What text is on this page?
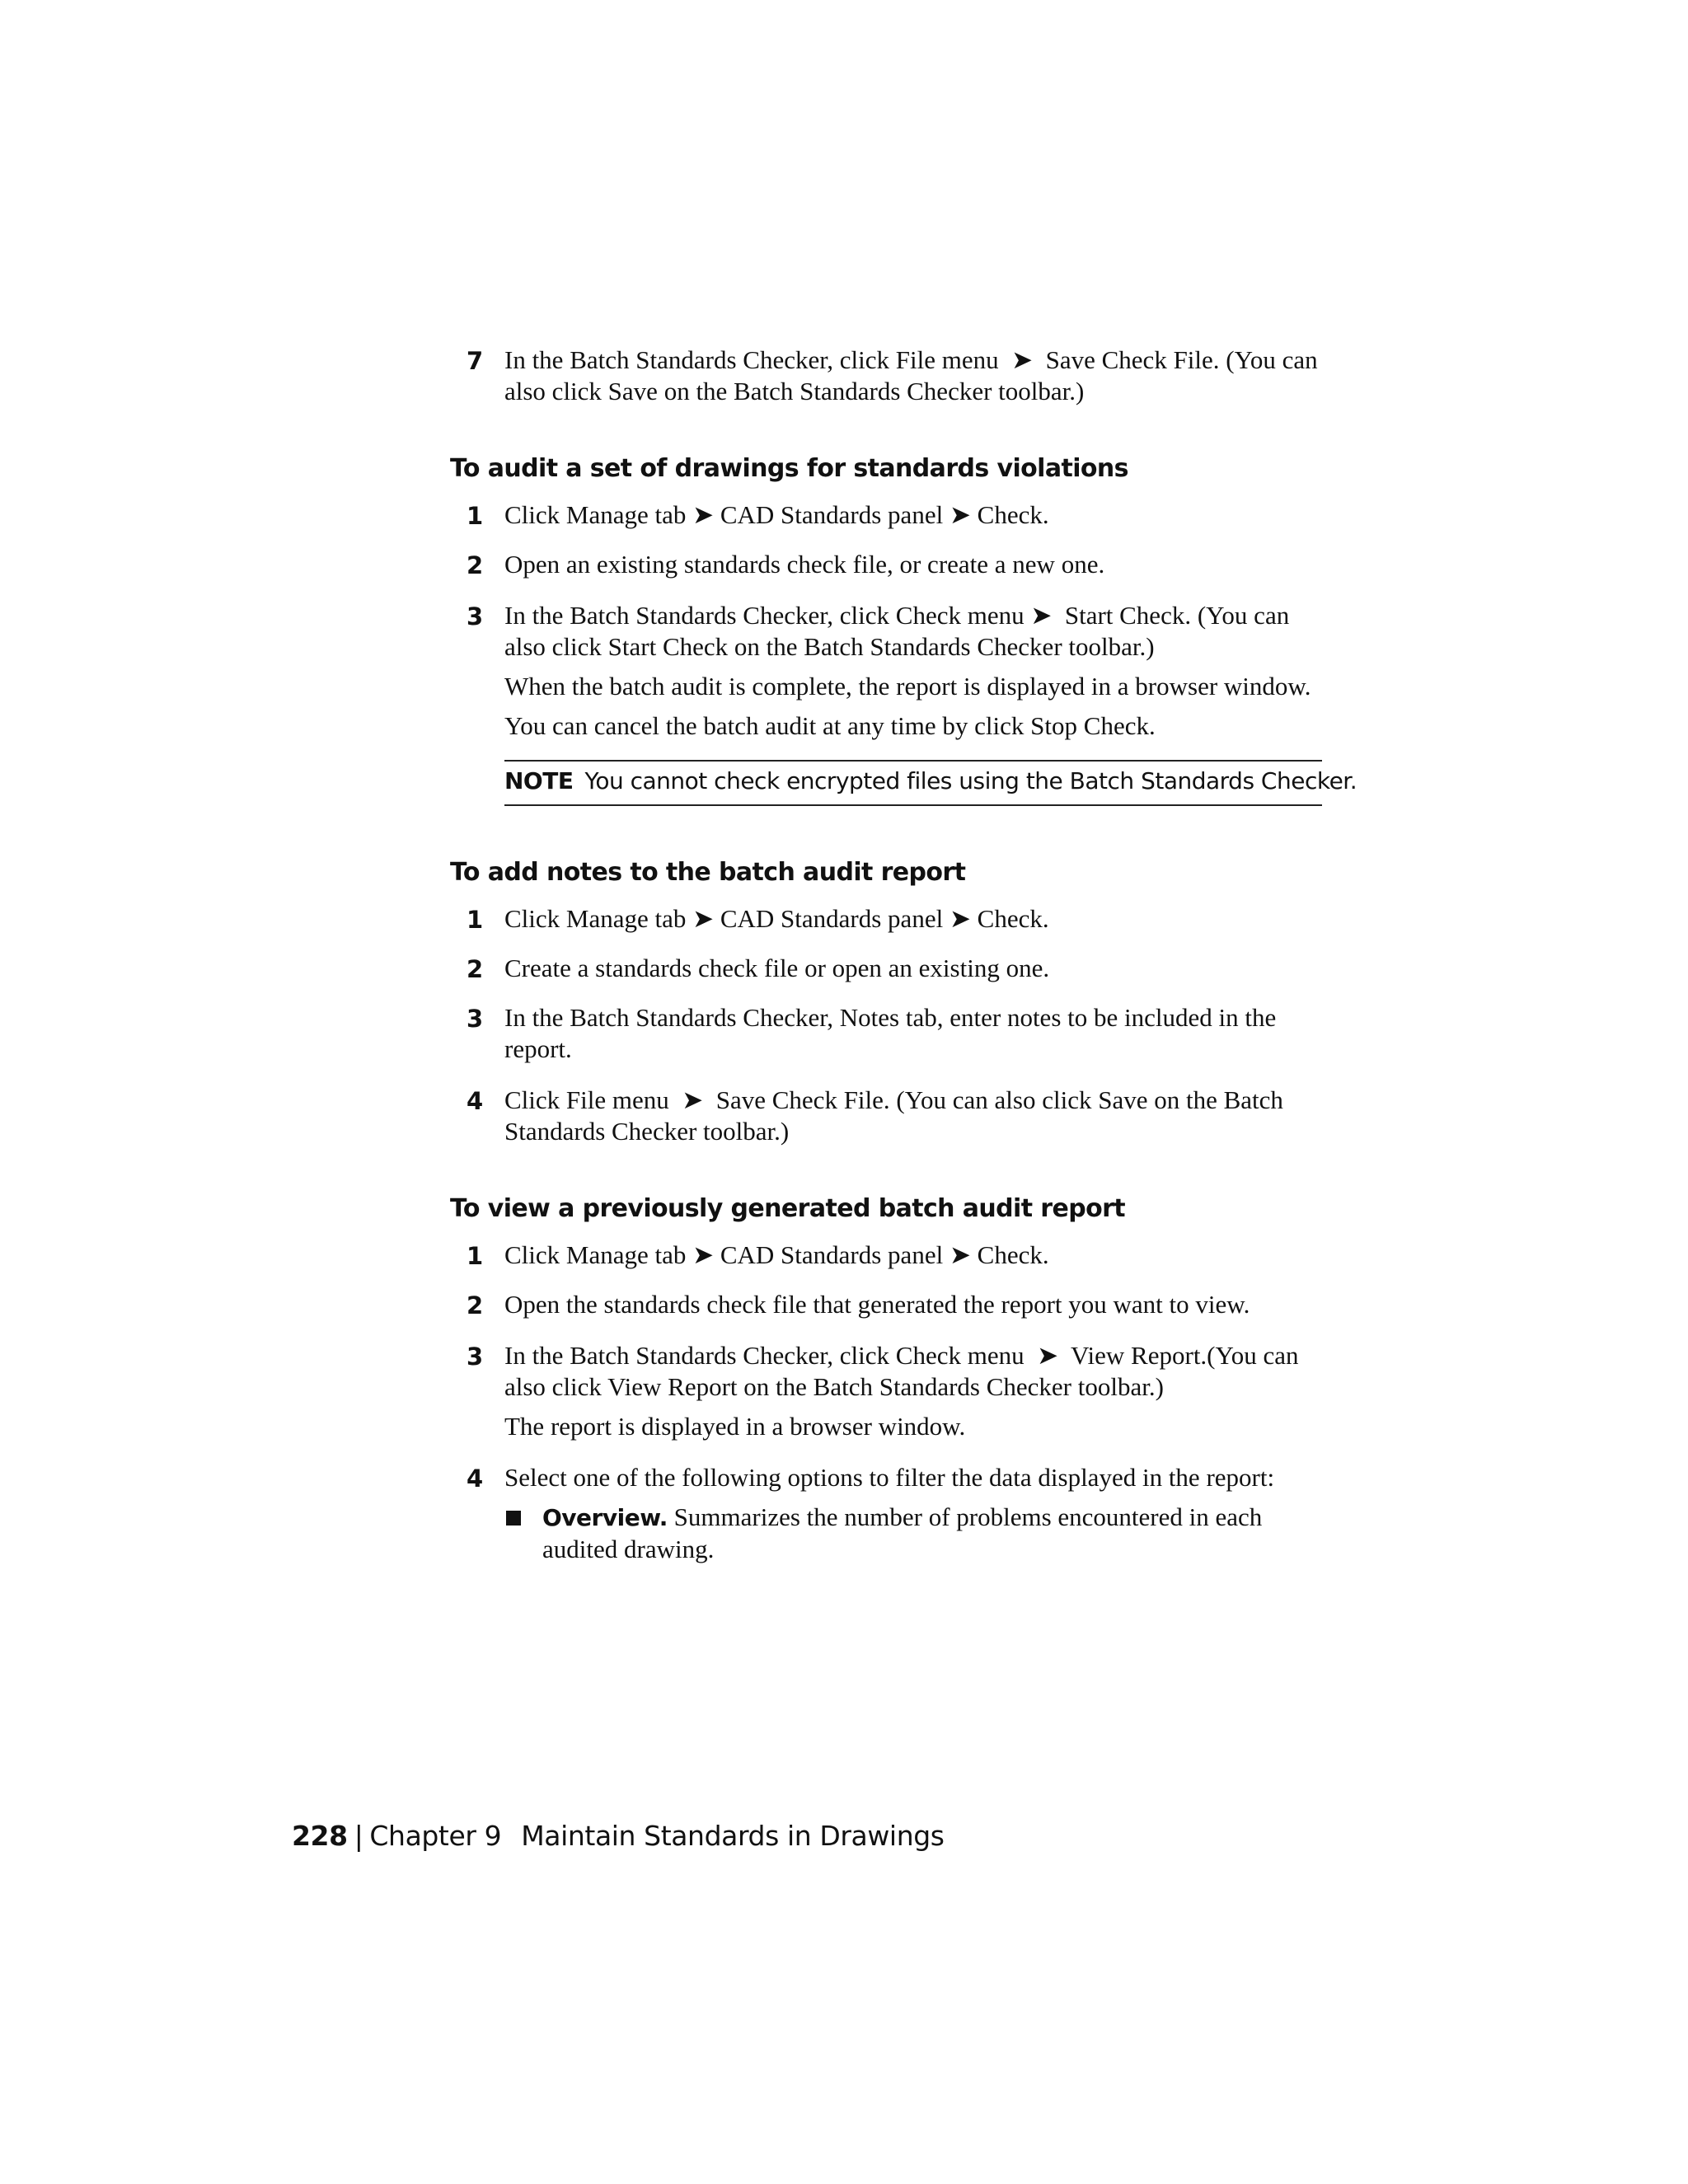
7 In the Batch Standards Checker, click File menu  ➤  Save Check File. (You can also click Save on the Batch Standards Checker toolbar.)

To audit a set of drawings for standards violations
1 Click Manage tab ➤ CAD Standards panel ➤ Check.

2 Open an existing standards check file, or create a new one.

3 In the Batch Standards Checker, click Check menu ➤  Start Check. (You can also click Start Check on the Batch Standards Checker toolbar.)

When the batch audit is complete, the report is displayed in a browser window.

You can cancel the batch audit at any time by click Stop Check.

NOTE You cannot check encrypted files using the Batch Standards Checker.
To add notes to the batch audit report
1 Click Manage tab ➤ CAD Standards panel ➤ Check.

2 Create a standards check file or open an existing one.

3 In the Batch Standards Checker, Notes tab, enter notes to be included in the report.

4 Click File menu  ➤  Save Check File. (You can also click Save on the Batch Standards Checker toolbar.)

To view a previously generated batch audit report
1 Click Manage tab ➤ CAD Standards panel ➤ Check.

2 Open the standards check file that generated the report you want to view.

3 In the Batch Standards Checker, click Check menu  ➤  View Report.(You can also click View Report on the Batch Standards Checker toolbar.)

The report is displayed in a browser window.

4 Select one of the following options to filter the data displayed in the report:

Overview. Summarizes the number of problems encountered in each audited drawing.

228 | Chapter 9 Maintain Standards in Drawings
